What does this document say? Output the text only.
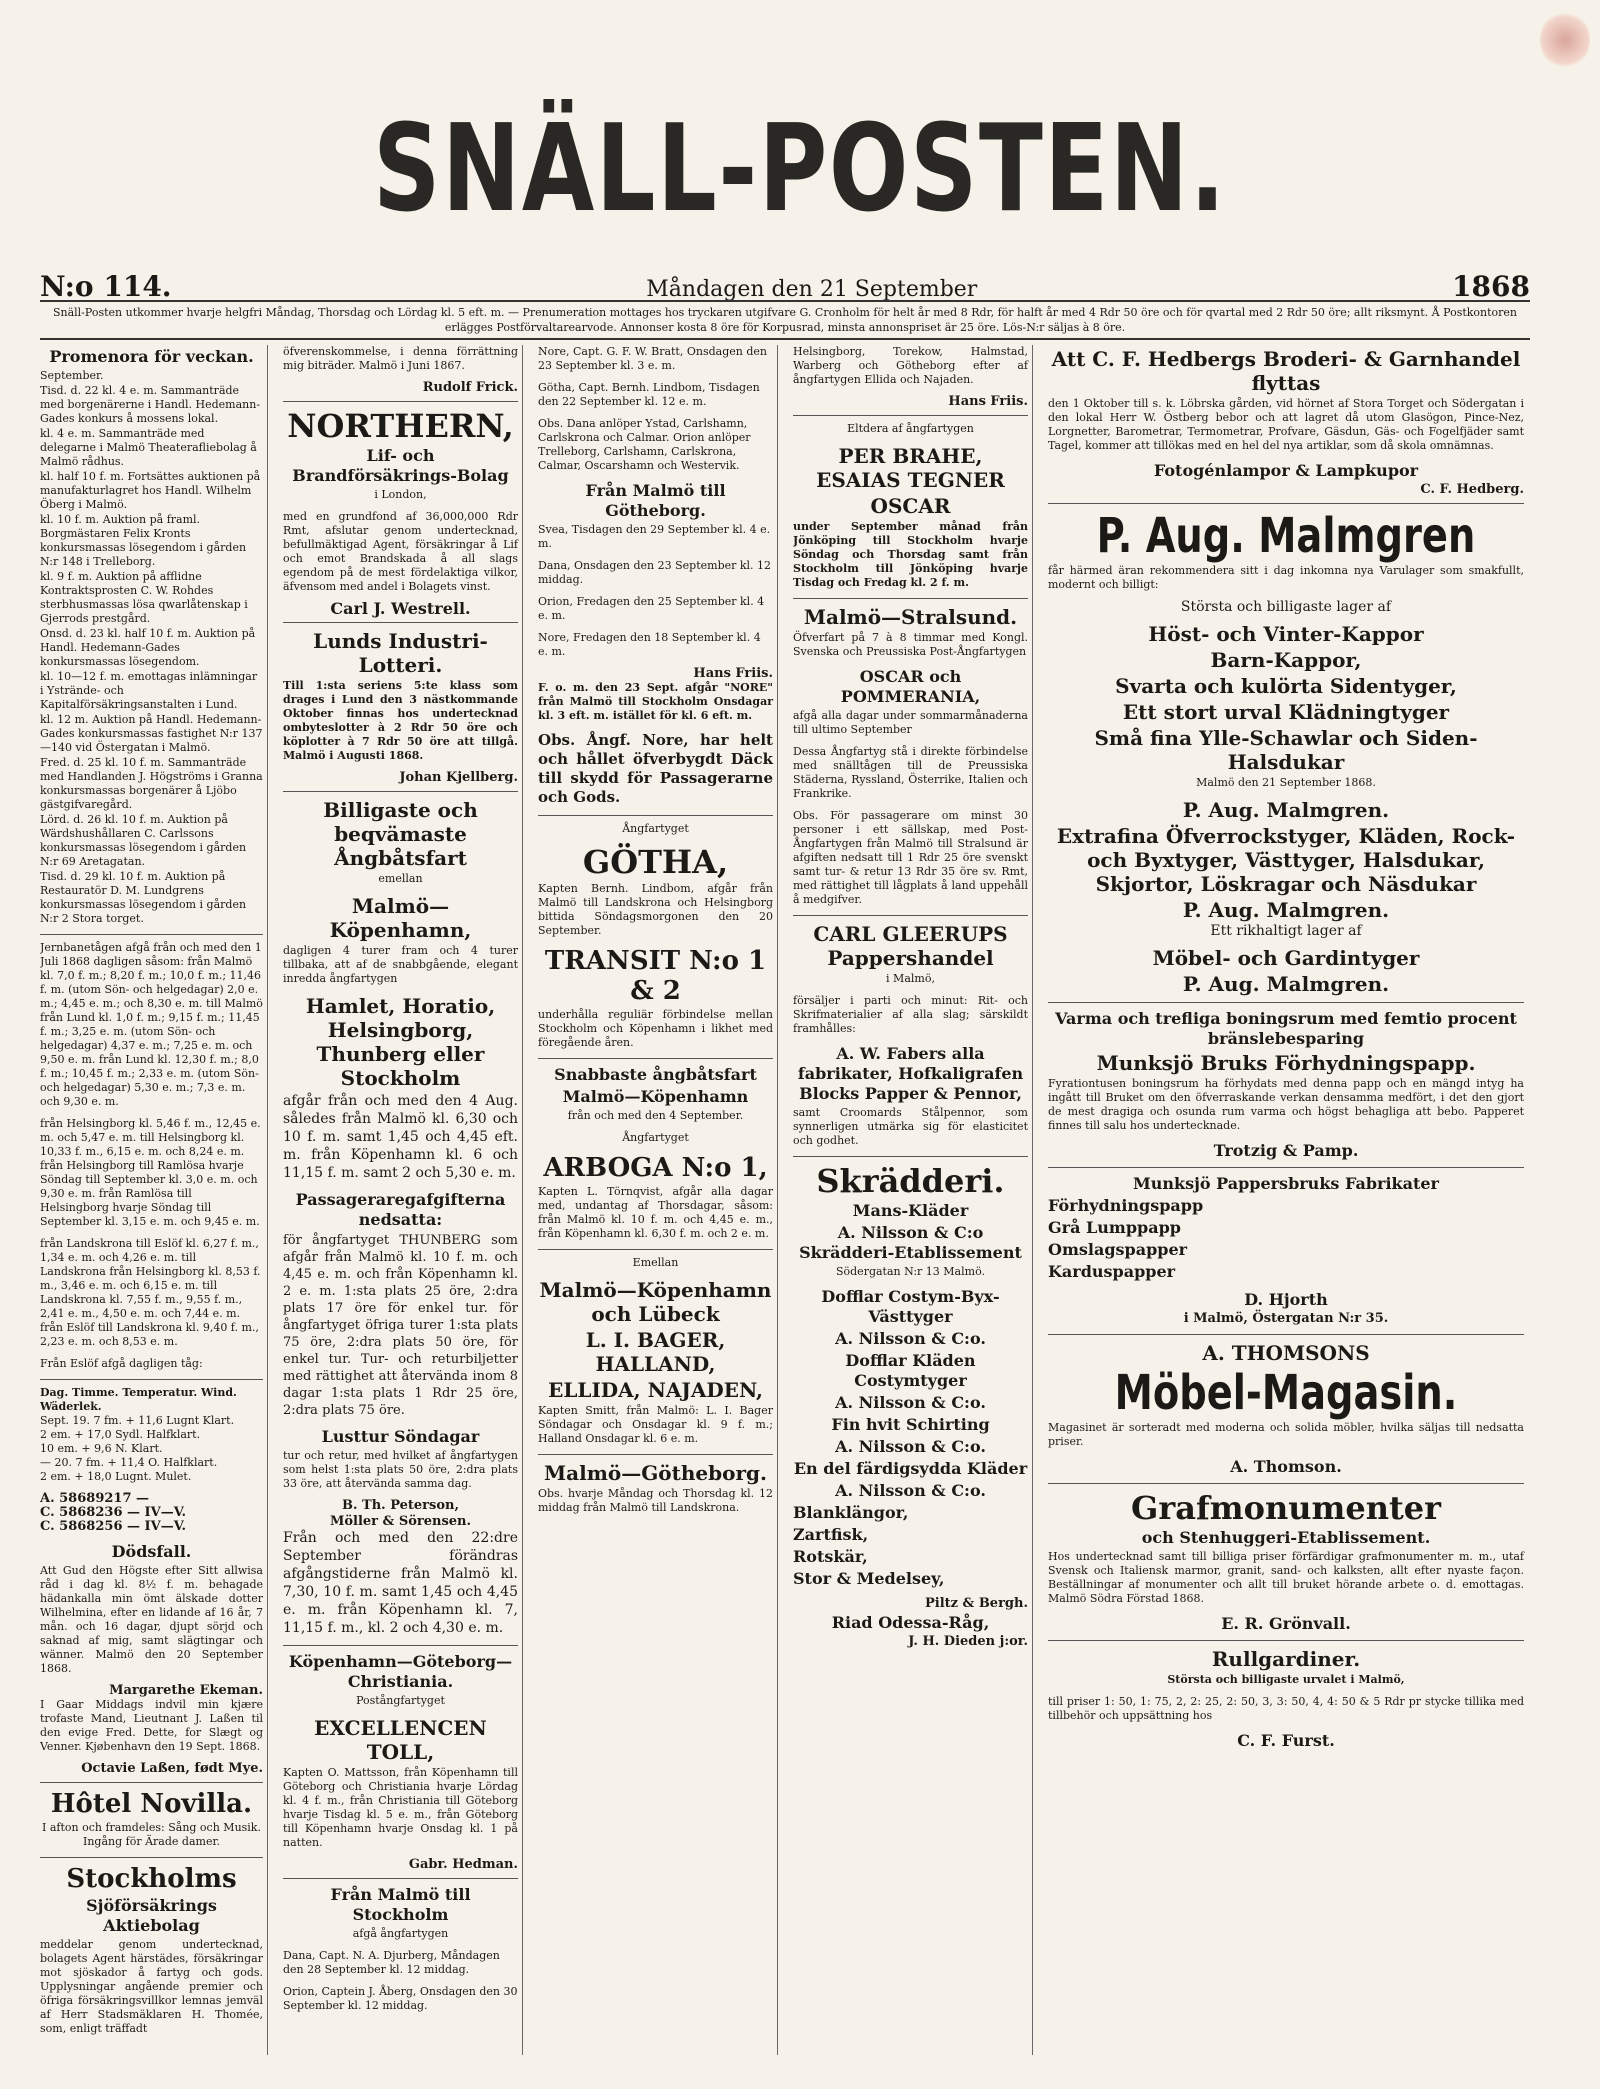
SNÄLL-POSTEN.
N:o 114.	Måndagen den 21 September	1868
Snäll-Posten utkommer hvarje helgfri Måndag, Thorsdag och Lördag kl. 5 eft. m. — Prenumeration mottages hos tryckaren utgifvare G. Cronholm för helt år med 8 Rdr, för halft år med 4 Rdr 50 öre och för qvartal med 2 Rdr 50 öre; allt riksmynt. Å Postkontoren erlägges Postförvaltarearvode. Annonser kosta 8 öre för Korpusrad, minsta annonspriset är 25 öre. Lös-N:r säljas à 8 öre.
Promenora för veckan.
September.
Tisd. d. 22 kl. 4 e. m. Sammanträde med borgenärerne i Handl. Hedemann-Gades konkurs å mossens lokal.
kl. 4 e. m. Sammanträde med delegarne i Malmö Theaterafliebolag å Malmö rådhus.
kl. half 10 f. m. Fortsättes auktionen på manufakturlagret hos Handl. Wilhelm Öberg i Malmö.
kl. 10 f. m. Auktion på framl. Borgmästaren Felix Kronts konkursmassas lösegendom i gården N:r 148 i Trelleborg.
kl. 9 f. m. Auktion på afflidne Kontraktsprosten C. W. Rohdes sterbhusmassas lösa qwarlåtenskap i Gjerrods prestgård.
Onsd. d. 23 kl. half 10 f. m. Auktion på Handl. Hedemann-Gades konkursmassas lösegendom.
kl. 10—12 f. m. emottagas inlämningar i Ystrände- och Kapitalförsäkringsanstalten i Lund.
kl. 12 m. Auktion på Handl. Hedemann-Gades konkursmassas fastighet N:r 137—140 vid Östergatan i Malmö.
Fred. d. 25 kl. 10 f. m. Sammanträde med Handlanden J. Högströms i Granna konkursmassas borgenärer å Ljöbo gästgifvaregård.
Lörd. d. 26 kl. 10 f. m. Auktion på Wärdshushållaren C. Carlssons konkursmassas lösegendom i gården N:r 69 Aretagatan.
Tisd. d. 29 kl. 10 f. m. Auktion på Restauratör D. M. Lundgrens konkursmassas lösegendom i gården N:r 2 Stora torget.
Jernbanetågen afgå från och med den 1 Juli 1868 dagligen såsom: från Malmö kl. 7,0 f. m.; 8,20 f. m.; 10,0 f. m.; 11,46 f. m. (utom Sön- och helgedagar) 2,0 e. m.; 4,45 e. m.; och 8,30 e. m. till Malmö från Lund kl. 1,0 f. m.; 9,15 f. m.; 11,45 f. m.; 3,25 e. m. (utom Sön- och helgedagar) 4,37 e. m.; 7,25 e. m. och 9,50 e. m. från Lund kl. 12,30 f. m.; 8,0 f. m.; 10,45 f. m.; 2,33 e. m. (utom Sön- och helgedagar) 5,30 e. m.; 7,3 e. m. och 9,30 e. m.
från Helsingborg kl. 5,46 f. m., 12,45 e. m. och 5,47 e. m. till Helsingborg kl. 10,33 f. m., 6,15 e. m. och 8,24 e. m. från Helsingborg till Ramlösa hvarje Söndag till September kl. 3,0 e. m. och 9,30 e. m. från Ramlösa till Helsingborg hvarje Söndag till September kl. 3,15 e. m. och 9,45 e. m.
från Landskrona till Eslöf kl. 6,27 f. m., 1,34 e. m. och 4,26 e. m. till Landskrona från Helsingborg kl. 8,53 f. m., 3,46 e. m. och 6,15 e. m. till Landskrona kl. 7,55 f. m., 9,55 f. m., 2,41 e. m., 4,50 e. m. och 7,44 e. m. från Eslöf till Landskrona kl. 9,40 f. m., 2,23 e. m. och 8,53 e. m.
Från Eslöf afgå dagligen tåg:
Dag. Timme. Temperatur. Wind. Wäderlek.
Sept. 19. 7 fm. + 11,6 Lugnt Klart.
2 em. + 17,0 Sydl. Halfklart.
10 em. + 9,6 N. Klart.
— 20. 7 fm. + 11,4 O. Halfklart.
2 em. + 18,0 Lugnt. Mulet.
A. 58689217 —
C. 5868236 — IV—V.
C. 5868256 — IV—V.
Dödsfall.
Att Gud den Högste efter Sitt allwisa råd i dag kl. 8½ f. m. behagade hädankalla min ömt älskade dotter Wilhelmina, efter en lidande af 16 år, 7 mån. och 16 dagar, djupt sörjd och saknad af mig, samt slägtingar och wänner. Malmö den 20 September 1868.
Margarethe Ekeman.
I Gaar Middags indvil min kjære trofaste Mand, Lieutnant J. Laßen til den evige Fred. Dette, for Slægt og Venner. Kjøbenhavn den 19 Sept. 1868.
Octavie Laßen, født Mye.
Hôtel Novilla.
I afton och framdeles: Sång och Musik. Ingång för Ärade damer.
Stockholms
Sjöförsäkrings Aktiebolag
meddelar genom undertecknad, bolagets Agent härstädes, försäkringar mot sjöskador å fartyg och gods. Upplysningar angående premier och öfriga försäkringsvillkor lemnas jemväl af Herr Stadsmäklaren H. Thomée, som, enligt träffadt
öfverenskommelse, i denna förrättning mig biträder. Malmö i Juni 1867.
Rudolf Frick.
NORTHERN,
Lif- och Brandförsäkrings-Bolag
i London,
med en grundfond af 36,000,000 Rdr Rmt, afslutar genom undertecknad, befullmäktigad Agent, försäkringar å Lif och emot Brandskada å all slags egendom på de mest fördelaktiga vilkor, äfvensom med andel i Bolagets vinst.
Carl J. Westrell.
Lunds Industri-Lotteri.
Till 1:sta seriens 5:te klass som drages i Lund den 3 nästkommande Oktober finnas hos undertecknad ombyteslotter à 2 Rdr 50 öre och köplotter à 7 Rdr 50 öre att tillgå. Malmö i Augusti 1868.
Johan Kjellberg.
Billigaste och beqvämaste Ångbåtsfart
emellan
Malmö—Köpenhamn,
dagligen 4 turer fram och 4 turer tillbaka, att af de snabbgående, elegant inredda ångfartygen
Hamlet, Horatio, Helsingborg, Thunberg eller Stockholm
afgår från och med den 4 Aug. således från Malmö kl. 6,30 och 10 f. m. samt 1,45 och 4,45 eft. m. från Köpenhamn kl. 6 och 11,15 f. m. samt 2 och 5,30 e. m.
Passageraregafgifterna nedsatta:
för ångfartyget THUNBERG som afgår från Malmö kl. 10 f. m. och 4,45 e. m. och från Köpenhamn kl. 2 e. m. 1:sta plats 25 öre, 2:dra plats 17 öre för enkel tur. för ångfartyget öfriga turer 1:sta plats 75 öre, 2:dra plats 50 öre, för enkel tur. Tur- och returbiljetter med rättighet att återvända inom 8 dagar 1:sta plats 1 Rdr 25 öre, 2:dra plats 75 öre.
Lusttur Söndagar
tur och retur, med hvilket af ångfartygen som helst 1:sta plats 50 öre, 2:dra plats 33 öre, att återvända samma dag.
B. Th. Peterson,
Möller & Sörensen.
Från och med den 22:dre September förändras afgångstiderne från Malmö kl. 7,30, 10 f. m. samt 1,45 och 4,45 e. m. från Köpenhamn kl. 7, 11,15 f. m., kl. 2 och 4,30 e. m.
Köpenhamn—Göteborg—Christiania.
Postångfartyget
EXCELLENCEN TOLL,
Kapten O. Mattsson, från Köpenhamn till Göteborg och Christiania hvarje Lördag kl. 4 f. m., från Christiania till Göteborg hvarje Tisdag kl. 5 e. m., från Göteborg till Köpenhamn hvarje Onsdag kl. 1 på natten.
Gabr. Hedman.
Från Malmö till Stockholm
afgå ångfartygen
Dana, Capt. N. A. Djurberg, Måndagen den 28 September kl. 12 middag.
Orion, Captein J. Åberg, Onsdagen den 30 September kl. 12 middag.
Nore, Capt. G. F. W. Bratt, Onsdagen den 23 September kl. 3 e. m.
Götha, Capt. Bernh. Lindbom, Tisdagen den 22 September kl. 12 e. m.
Obs. Dana anlöper Ystad, Carlshamn, Carlskrona och Calmar. Orion anlöper Trelleborg, Carlshamn, Carlskrona, Calmar, Oscarshamn och Westervik.
Från Malmö till Götheborg.
Svea, Tisdagen den 29 September kl. 4 e. m.
Dana, Onsdagen den 23 September kl. 12 middag.
Orion, Fredagen den 25 September kl. 4 e. m.
Nore, Fredagen den 18 September kl. 4 e. m.
Hans Friis.
F. o. m. den 23 Sept. afgår "NORE" från Malmö till Stockholm Onsdagar kl. 3 eft. m. istället för kl. 6 eft. m.
Obs. Ångf. Nore, har helt och hållet öfverbygdt Däck till skydd för Passagerarne och Gods.
Ångfartyget
GÖTHA,
Kapten Bernh. Lindbom, afgår från Malmö till Landskrona och Helsingborg bittida Söndagsmorgonen den 20 September.
TRANSIT N:o 1 & 2
underhålla reguliär förbindelse mellan Stockholm och Köpenhamn i likhet med föregående åren.
Snabbaste ångbåtsfart
Malmö—Köpenhamn
från och med den 4 September.
Ångfartyget
ARBOGA N:o 1,
Kapten L. Törnqvist, afgår alla dagar med, undantag af Thorsdagar, såsom: från Malmö kl. 10 f. m. och 4,45 e. m., från Köpenhamn kl. 6,30 f. m. och 2 e. m.
Emellan
Malmö—Köpenhamn och Lübeck
L. I. BAGER, HALLAND,
ELLIDA, NAJADEN,
Kapten Smitt, från Malmö: L. I. Bager Söndagar och Onsdagar kl. 9 f. m.; Halland Onsdagar kl. 6 e. m.
Malmö—Götheborg.
Obs. hvarje Måndag och Thorsdag kl. 12 middag från Malmö till Landskrona.
Helsingborg, Torekow, Halmstad, Warberg och Götheborg efter af ångfartygen Ellida och Najaden.
Hans Friis.
Eltdera af ångfartygen
PER BRAHE, ESAIAS TEGNER
OSCAR
under September månad från Jönköping till Stockholm hvarje Söndag och Thorsdag samt från Stockholm till Jönköping hvarje Tisdag och Fredag kl. 2 f. m.
Malmö—Stralsund.
Öfverfart på 7 à 8 timmar med Kongl. Svenska och Preussiska Post-Ångfartygen
OSCAR och POMMERANIA,
afgå alla dagar under sommarmånaderna till ultimo September
Dessa Ångfartyg stå i direkte förbindelse med snälltågen till de Preussiska Städerna, Ryssland, Österrike, Italien och Frankrike.
Obs. För passagerare om minst 30 personer i ett sällskap, med Post-Ångfartygen från Malmö till Stralsund är afgiften nedsatt till 1 Rdr 25 öre svenskt samt tur- & retur 13 Rdr 35 öre sv. Rmt, med rättighet till lågplats å land uppehåll å medgifver.
CARL GLEERUPS Pappershandel
i Malmö,
försäljer i parti och minut: Rit- och Skrifmaterialier af alla slag; särskildt framhålles:
A. W. Fabers alla fabrikater, Hofkaligrafen Blocks Papper & Pennor,
samt Croomards Stålpennor, som synnerligen utmärka sig för elasticitet och godhet.
Skrädderi.
Mans-Kläder
A. Nilsson & C:o Skrädderi-Etablissement
Södergatan N:r 13 Malmö.
Dofflar Costym-Byx-Västtyger
A. Nilsson & C:o.
Dofflar Kläden Costymtyger
A. Nilsson & C:o.
Fin hvit Schirting
A. Nilsson & C:o.
En del färdigsydda Kläder
A. Nilsson & C:o.
Blanklängor,
Zartfisk,
Rotskär,
Stor & Medelsey,
Piltz & Bergh.
Riad Odessa-Råg,
J. H. Dieden j:or.
Att C. F. Hedbergs Broderi- & Garnhandel flyttas
den 1 Oktober till s. k. Löbrska gården, vid hörnet af Stora Torget och Södergatan i den lokal Herr W. Östberg bebor och att lagret då utom Glasögon, Pince-Nez, Lorgnetter, Barometrar, Termometrar, Profvare, Gäsdun, Gäs- och Fogelfjäder samt Tagel, kommer att tillökas med en hel del nya artiklar, som då skola omnämnas.
Fotogénlampor & Lampkupor
C. F. Hedberg.
P. Aug. Malmgren
får härmed äran rekommendera sitt i dag inkomna nya Varulager som smakfullt, modernt och billigt:
Största och billigaste lager af
Höst- och Vinter-Kappor
Barn-Kappor,
Svarta och kulörta Sidentyger,
Ett stort urval Klädningtyger
Små fina Ylle-Schawlar och Siden-Halsdukar
Malmö den 21 September 1868.
P. Aug. Malmgren.
Extrafina Öfverrockstyger, Kläden, Rock- och Byxtyger, Västtyger, Halsdukar, Skjortor, Löskragar och Näsdukar
P. Aug. Malmgren.
Ett rikhaltigt lager af
Möbel- och Gardintyger
P. Aug. Malmgren.
Varma och trefliga boningsrum med femtio procent bränslebesparing
Munksjö Bruks Förhydningspapp.
Fyrationtusen boningsrum ha förhydats med denna papp och en mängd intyg ha ingått till Bruket om den öfverraskande verkan densamma medfört, i det den gjort de mest dragiga och osunda rum varma och högst behagliga att bebo. Papperet finnes till salu hos undertecknade.
Trotzig & Pamp.
Munksjö Pappersbruks Fabrikater
Förhydningspapp
Grå Lumppapp
Omslagspapper
Karduspapper
D. Hjorth
i Malmö, Östergatan N:r 35.
A. THOMSONS
Möbel-Magasin.
Magasinet är sorteradt med moderna och solida möbler, hvilka säljas till nedsatta priser.
A. Thomson.
Grafmonumenter
och Stenhuggeri-Etablissement.
Hos undertecknad samt till billiga priser förfärdigar grafmonumenter m. m., utaf Svensk och Italiensk marmor, granit, sand- och kalksten, allt efter nyaste façon. Beställningar af monumenter och allt till bruket hörande arbete o. d. emottagas. Malmö Södra Förstad 1868.
E. R. Grönvall.
Rullgardiner.
Största och billigaste urvalet i Malmö,
till priser 1: 50, 1: 75, 2, 2: 25, 2: 50, 3, 3: 50, 4, 4: 50 & 5 Rdr pr stycke tillika med tillbehör och uppsättning hos
C. F. Furst.
